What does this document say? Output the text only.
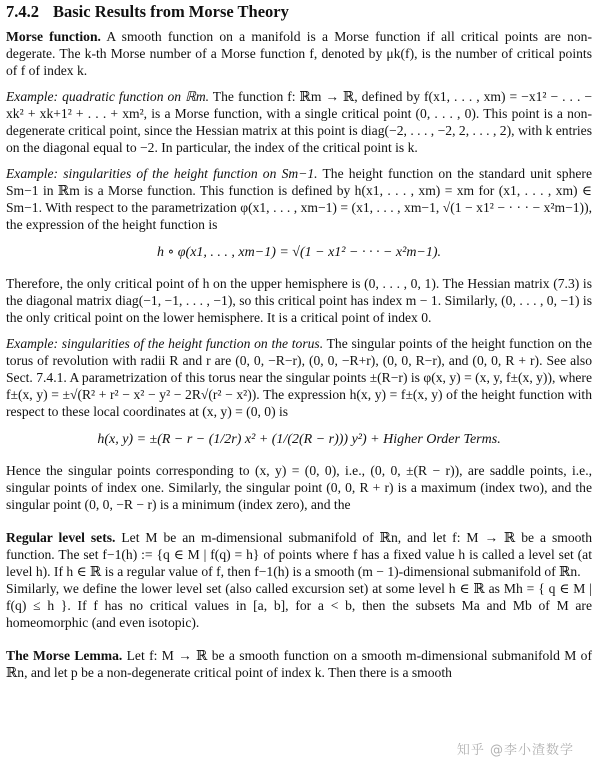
7.4.2 Basic Results from Morse Theory

Morse function. A smooth function on a manifold is a Morse function if all critical points are non-degerate. The k-th Morse number of a Morse function f, denoted by μk(f), is the number of critical points of f of index k.

Example: quadratic function on ℝm. The function f: ℝm → ℝ, defined by f(x1, . . . , xm) = −x1² − . . . − xk² + xk+1² + . . . + xm², is a Morse function, with a single critical point (0, . . . , 0). This point is a non-degenerate critical point, since the Hessian matrix at this point is diag(−2, . . . , −2, 2, . . . , 2), with k entries on the diagonal equal to −2. In particular, the index of the critical point is k.

Example: singularities of the height function on Sm−1. The height function on the standard unit sphere Sm−1 in ℝm is a Morse function. This function is defined by h(x1, . . . , xm) = xm for (x1, . . . , xm) ∈ Sm−1. With respect to the parametrization φ(x1, . . . , xm−1) = (x1, . . . , xm−1, √(1 − x1² − · · · − x²m−1)), the expression of the height function is

h ∘ φ(x1, . . . , xm−1) = √(1 − x1² − · · · − x²m−1).

Therefore, the only critical point of h on the upper hemisphere is (0, . . . , 0, 1). The Hessian matrix (7.3) is the diagonal matrix diag(−1, −1, . . . , −1), so this critical point has index m − 1. Similarly, (0, . . . , 0, −1) is the only critical point on the lower hemisphere. It is a critical point of index 0.

Example: singularities of the height function on the torus. The singular points of the height function on the torus of revolution with radii R and r are (0, 0, −R−r), (0, 0, −R+r), (0, 0, R−r), and (0, 0, R + r). See also Sect. 7.4.1. A parametrization of this torus near the singular points ±(R−r) is φ(x, y) = (x, y, f±(x, y)), where f±(x, y) = ±√(R² + r² − x² − y² − 2R√(r² − x²)). The expression h(x, y) = f±(x, y) of the height function with respect to these local coordinates at (x, y) = (0, 0) is

h(x, y) = ±(R − r − (1/2r) x² + (1/(2(R − r))) y²) + Higher Order Terms.

Hence the singular points corresponding to (x, y) = (0, 0), i.e., (0, 0, ±(R − r)), are saddle points, i.e., singular points of index one. Similarly, the singular point (0, 0, R + r) is a maximum (index two), and the singular point (0, 0, −R − r) is a minimum (index zero), and the

Regular level sets. Let M be an m-dimensional submanifold of ℝn, and let f: M → ℝ be a smooth function. The set f−1(h) := {q ∈ M | f(q) = h} of points where f has a fixed value h is called a level set (at level h). If h ∈ ℝ is a regular value of f, then f−1(h) is a smooth (m − 1)-dimensional submanifold of ℝn.

Similarly, we define the lower level set (also called excursion set) at some level h ∈ ℝ as Mh = { q ∈ M | f(q) ≤ h }. If f has no critical values in [a, b], for a < b, then the subsets Ma and Mb of M are homeomorphic (and even isotopic).

The Morse Lemma. Let f: M → ℝ be a smooth function on a smooth m-dimensional submanifold M of ℝn, and let p be a non-degenerate critical point of index k. Then there is a smooth

知乎 @李小渣数学
